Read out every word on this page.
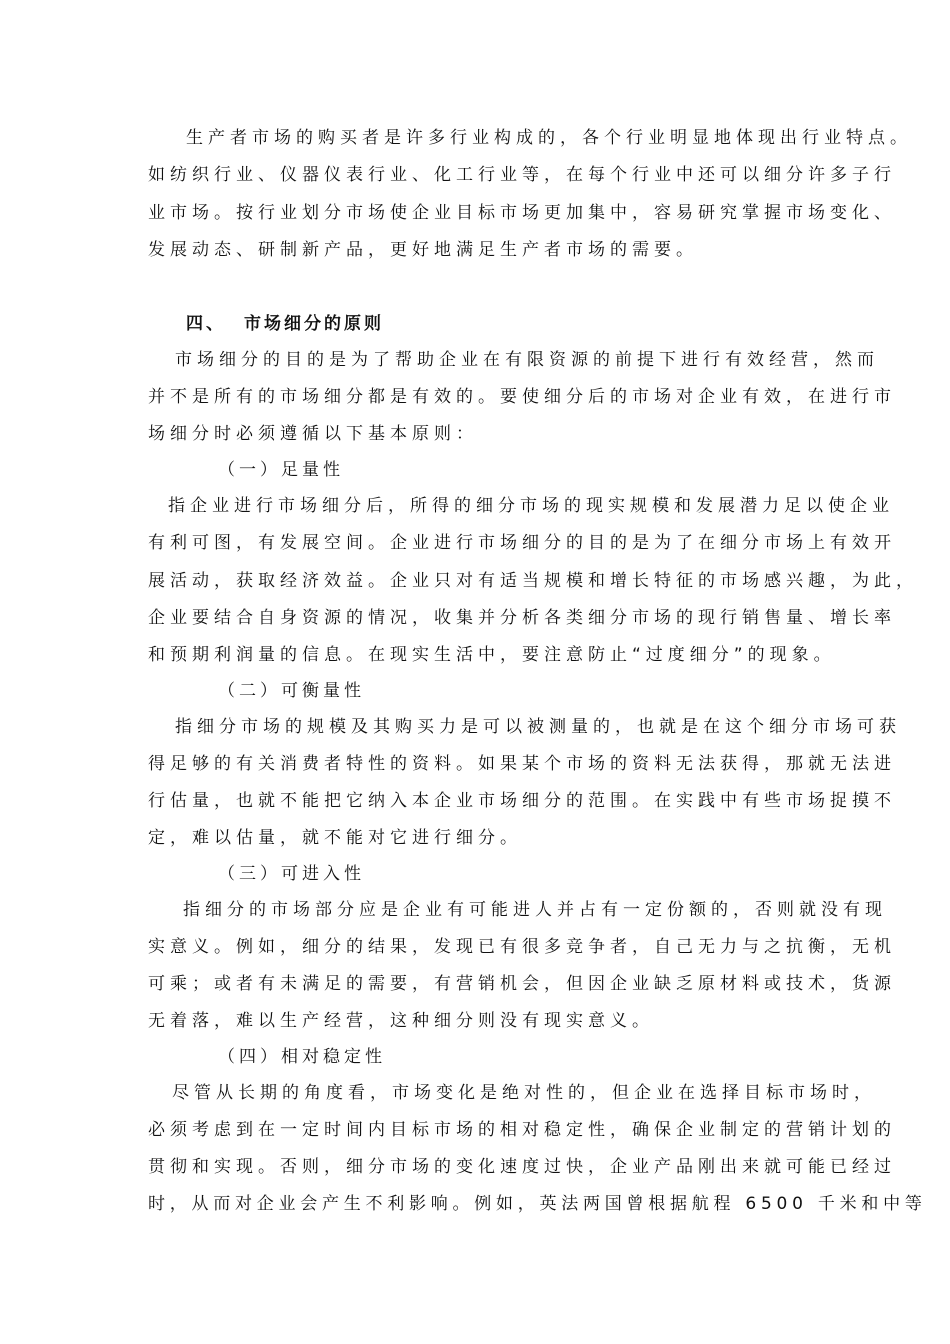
生产者市场的购买者是许多行业构成的，各个行业明显地体现出行业特点。
如纺织行业、仪器仪表行业、化工行业等，在每个行业中还可以细分许多子行
业市场。按行业划分市场使企业目标市场更加集中，容易研究掌握市场变化、
发展动态、研制新产品，更好地满足生产者市场的需要。
四、 市场细分的原则
市场细分的目的是为了帮助企业在有限资源的前提下进行有效经营，然而
并不是所有的市场细分都是有效的。要使细分后的市场对企业有效，在进行市
场细分时必须遵循以下基本原则：
（一）足量性
指企业进行市场细分后，所得的细分市场的现实规模和发展潜力足以使企业
有利可图，有发展空间。企业进行市场细分的目的是为了在细分市场上有效开
展活动，获取经济效益。企业只对有适当规模和增长特征的市场感兴趣，为此，
企业要结合自身资源的情况，收集并分析各类细分市场的现行销售量、增长率
和预期利润量的信息。在现实生活中，要注意防止“过度细分”的现象。
（二）可衡量性
指细分市场的规模及其购买力是可以被测量的，也就是在这个细分市场可获
得足够的有关消费者特性的资料。如果某个市场的资料无法获得，那就无法进
行估量，也就不能把它纳入本企业市场细分的范围。在实践中有些市场捉摸不
定，难以估量，就不能对它进行细分。
（三）可进入性
指细分的市场部分应是企业有可能进人并占有一定份额的，否则就没有现
实意义。例如，细分的结果，发现已有很多竞争者，自己无力与之抗衡，无机
可乘；或者有未满足的需要，有营销机会，但因企业缺乏原材料或技术，货源
无着落，难以生产经营，这种细分则没有现实意义。
（四）相对稳定性
尽管从长期的角度看，市场变化是绝对性的，但企业在选择目标市场时，
必须考虑到在一定时间内目标市场的相对稳定性，确保企业制定的营销计划的
贯彻和实现。否则，细分市场的变化速度过快，企业产品刚出来就可能已经过
时，从而对企业会产生不利影响。例如，英法两国曾根据航程 6500 千米和中等
